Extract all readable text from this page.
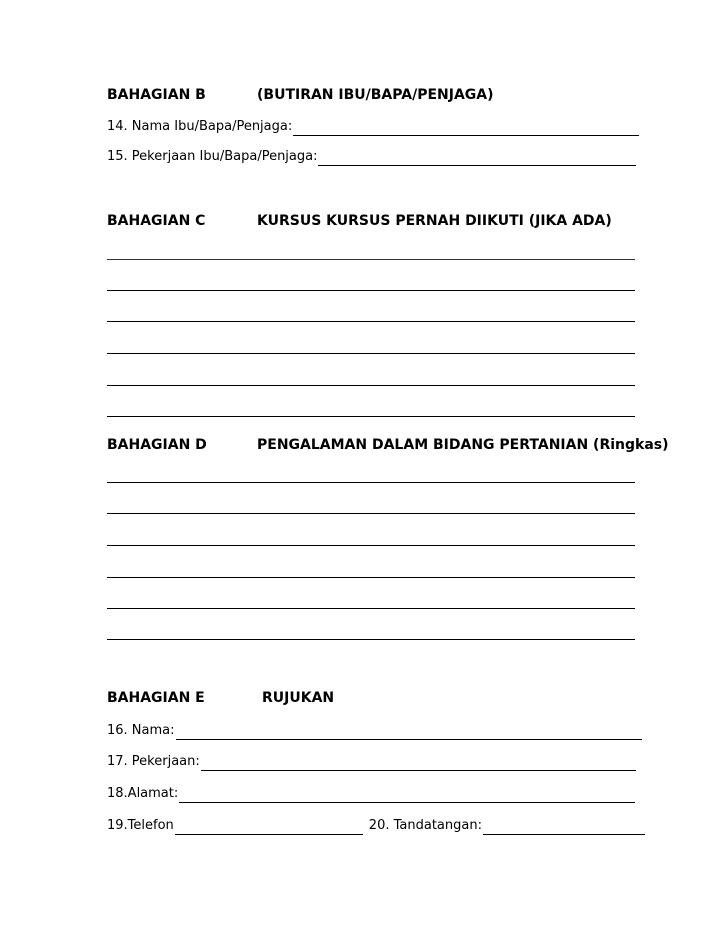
BAHAGIAN B	(BUTIRAN IBU/BAPA/PENJAGA)
14. Nama Ibu/Bapa/Penjaga:
15. Pekerjaan Ibu/Bapa/Penjaga:
BAHAGIAN C	KURSUS KURSUS PERNAH DIIKUTI (JIKA ADA)
BAHAGIAN D	PENGALAMAN DALAM BIDANG PERTANIAN (Ringkas)
BAHAGIAN E	RUJUKAN
16. Nama:
17. Pekerjaan:
18.Alamat:
19.Telefon	20. Tandatangan:
